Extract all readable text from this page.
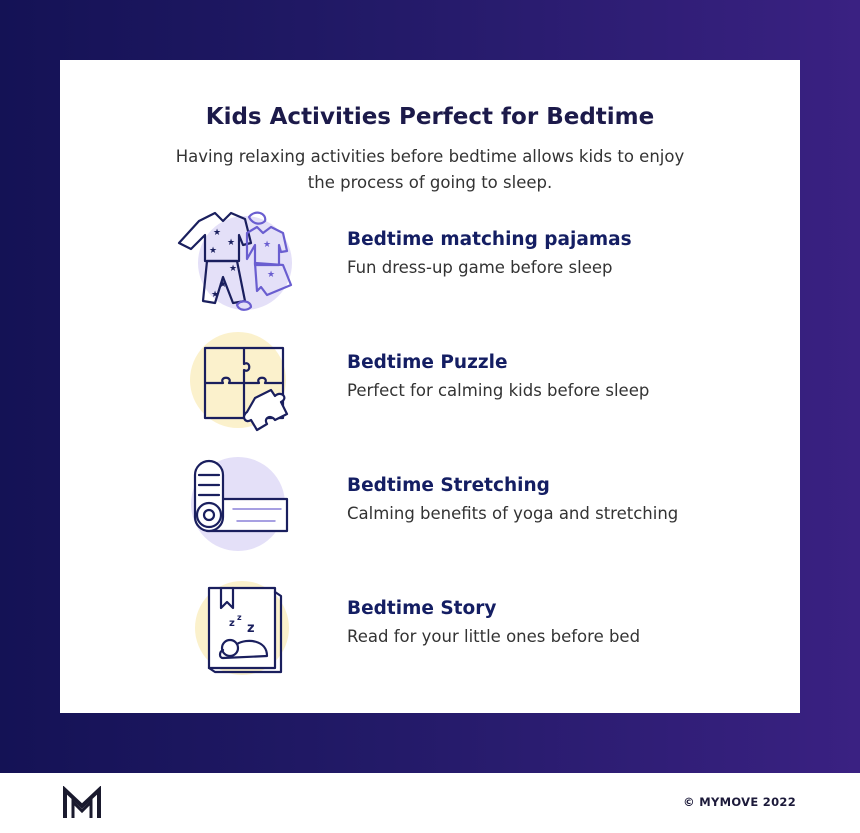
Kids Activities Perfect for Bedtime

Having relaxing activities before bedtime allows kids to enjoy the process of going to sleep.

★
★
★
★
★
★
★
★
Bedtime matching pajamas
Fun dress-up game before sleep
Bedtime Puzzle
Perfect for calming kids before sleep
Bedtime Stretching
Calming benefits of yoga and stretching
z
z
z
Bedtime Story
Read for your little ones before bed
© MYMOVE 2022
